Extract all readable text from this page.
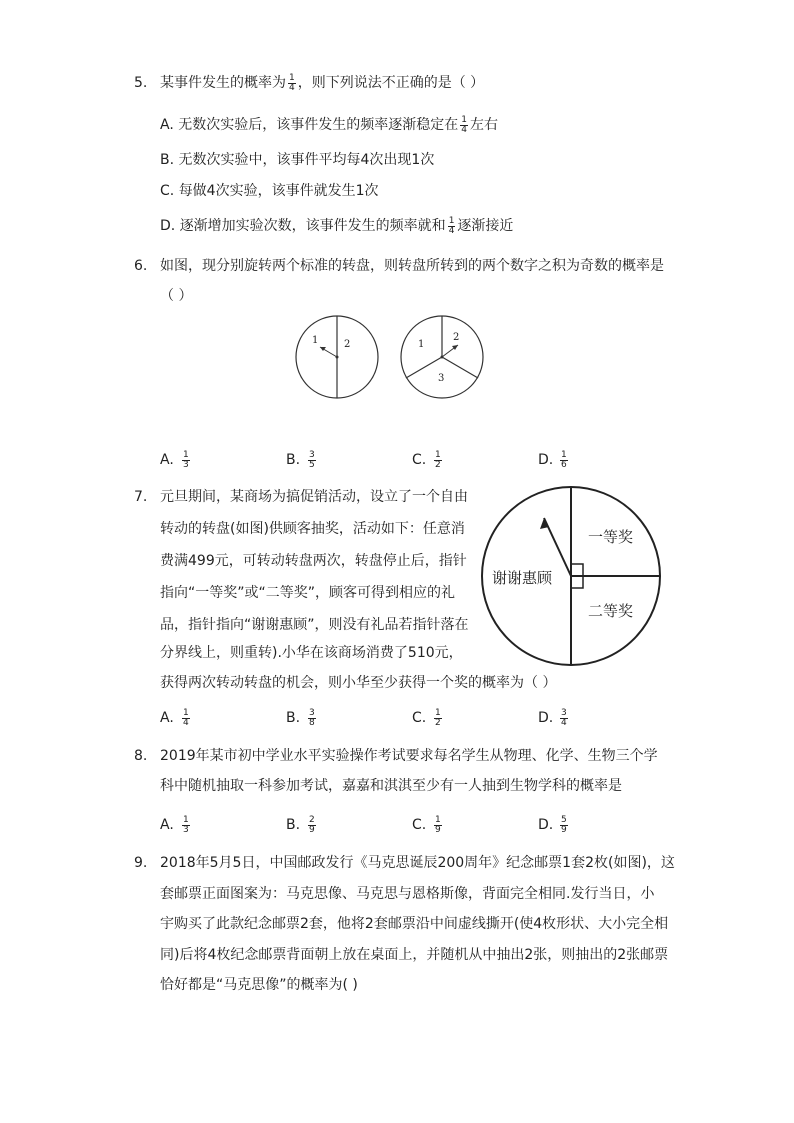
5. 某事件发生的概率为 $\frac{1}{4}$ ，则下列说法不正确的是（ ）
A. 无数次实验后，该事件发生的频率逐渐稳定在 $\frac{1}{4}$ 左右
B. 无数次实验中，该事件平均每4次出现1次
C. 每做4次实验，该事件就发生1次
D. 逐渐增加实验次数，该事件发生的频率就和 $\frac{1}{4}$ 逐渐接近
6. 如图，现分别旋转两个标准的转盘，则转盘所转到的两个数字之积为奇数的概率是
（ ）
1	2	1
2
3
A. $\frac{1}{3}$	B. $\frac{3}{5}$	C. $\frac{1}{2}$	D. $\frac{1}{6}$
7. 元旦期间，某商场为搞促销活动，设立了一个自由
转动的转盘(如图)供顾客抽奖，活动如下：任意消
费满499元，可转动转盘两次，转盘停止后，指针
指向“一等奖”或“二等奖”，顾客可得到相应的礼
品，指针指向“谢谢惠顾”，则没有礼品若指针落在
分界线上，则重转).小华在该商场消费了510元，
获得两次转动转盘的机会，则小华至少获得一个奖的概率为（ ）
一等奖
二等奖
谢谢惠顾
A. $\frac{1}{4}$	B. $\frac{3}{8}$	C. $\frac{1}{2}$	D. $\frac{3}{4}$
8. 2019年某市初中学业水平实验操作考试要求每名学生从物理、化学、生物三个学
科中随机抽取一科参加考试，嘉嘉和淇淇至少有一人抽到生物学科的概率是
A. $\frac{1}{3}$	B. $\frac{2}{9}$	C. $\frac{1}{9}$	D. $\frac{5}{9}$
9. 2018年5月5日，中国邮政发行《马克思诞辰200周年》纪念邮票1套2枚(如图)，这
套邮票正面图案为：马克思像、马克思与恩格斯像，背面完全相同.发行当日，小
宇购买了此款纪念邮票2套，他将2套邮票沿中间虚线撕开(使4枚形状、大小完全相
同)后将4枚纪念邮票背面朝上放在桌面上，并随机从中抽出2张，则抽出的2张邮票
恰好都是“马克思像”的概率为( )
